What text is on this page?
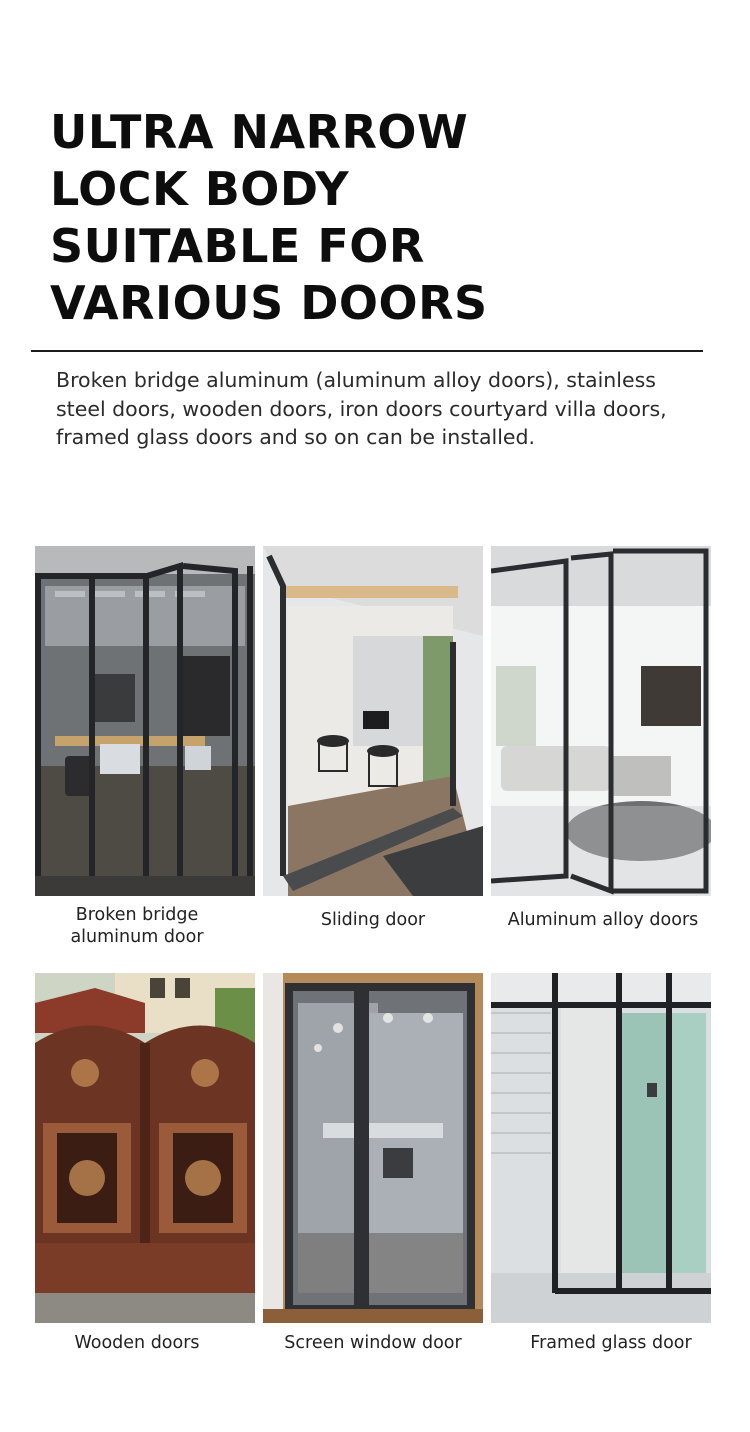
ULTRA NARROW
LOCK BODY
SUITABLE FOR
VARIOUS DOORS

Broken bridge aluminum (aluminum alloy doors), stainless
steel doors, wooden doors, iron doors courtyard villa doors,
framed glass doors and so on can be installed.

Broken bridge
aluminum door
Sliding door	Aluminum alloy doors
Wooden doors	Screen window door	Framed glass door
